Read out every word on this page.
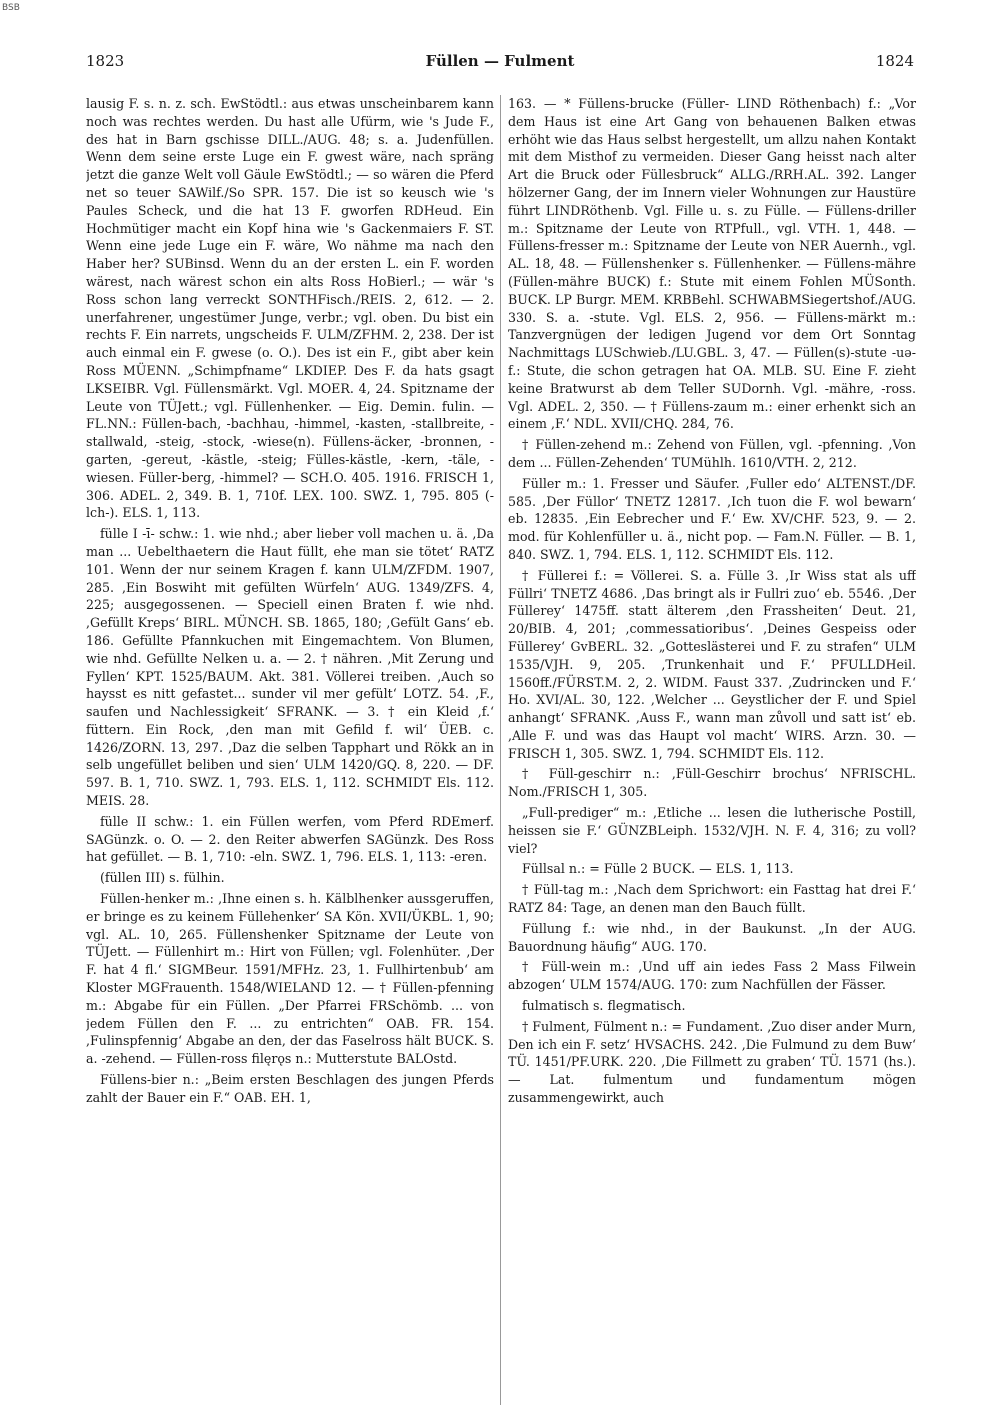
BSB
1823	Füllen — Fulment	1824

lausig F. s. n. z. sch. EwStödtl.: aus etwas unscheinbarem kann noch was rechtes werden. Du hast alle Ufürm, wie 's Jude F., des hat in Barn gschisse DILL./AUG. 48; s. a. Judenfüllen. Wenn dem seine erste Luge ein F. gwest wäre, nach spräng jetzt die ganze Welt voll Gäule EwStödtl.; — so wären die Pferd net so teuer SAWilf./So SPR. 157. Die ist so keusch wie 's Paules Scheck, und die hat 13 F. gworfen RDHeud. Ein Hochmütiger macht ein Kopf hina wie 's Gackenmaiers F. ST. Wenn eine jede Luge ein F. wäre, Wo nähme ma nach den Haber her? SUBinsd. Wenn du an der ersten L. ein F. worden wärest, nach wärest schon ein alts Ross HoBierl.; — wär 's Ross schon lang verreckt SONTHFisch./REIS. 2, 612. — 2. unerfahrener, ungestümer Junge, verbr.; vgl. oben. Du bist ein rechts F. Ein narrets, ungscheids F. ULM/ZFHM. 2, 238. Der ist auch einmal ein F. gwese (o. O.). Des ist ein F., gibt aber kein Ross MÜENN. „Schimpfname“ LKDIEP. Des F. da hats gsagt LKSEIBR. Vgl. Füllensmärkt. Vgl. MOER. 4, 24. Spitzname der Leute von TÜJett.; vgl. Füllenhenker. — Eig. Demin. fulin. — FL.NN.: Füllen-bach, -bachhau, -himmel, -kasten, -stallbreite, -stallwald, -steig, -stock, -wiese(n). Füllens-äcker, -bronnen, -garten, -gereut, -kästle, -steig; Fülles-kästle, -kern, -täle, -wiesen. Füller-berg, -himmel? — SCH.O. 405. 1916. FRISCH 1, 306. ADEL. 2, 349. B. 1, 710f. LEX. 100. SWZ. 1, 795. 805 (-lch-). ELS. 1, 113.

fülle I -ī- schw.: 1. wie nhd.; aber lieber voll machen u. ä. ,Da man ... Uebelthaetern die Haut füllt, ehe man sie tötet‘ RATZ 101. Wenn der nur seinem Kragen f. kann ULM/ZFDM. 1907, 285. ,Ein Boswiht mit gefülten Würfeln‘ AUG. 1349/ZFS. 4, 225; ausgegossenen. — Speciell einen Braten f. wie nhd. ,Gefüllt Kreps‘ BIRL. MÜNCH. SB. 1865, 180; ,Gefült Gans‘ eb. 186. Gefüllte Pfannkuchen mit Eingemachtem. Von Blumen, wie nhd. Gefüllte Nelken u. a. — 2. † nähren. ,Mit Zerung und Fyllen‘ KPT. 1525/BAUM. Akt. 381. Völlerei treiben. ,Auch so haysst es nitt gefastet... sunder vil mer gefült‘ LOTZ. 54. ,F., saufen und Nachlessigkeit‘ SFRANK. — 3. † ein Kleid ,f.‘ füttern. Ein Rock, ,den man mit Gefild f. wil‘ ÜEB. c. 1426/ZORN. 13, 297. ,Daz die selben Tapphart und Rökk an in selb ungefüllet beliben und sien‘ ULM 1420/GQ. 8, 220. — DF. 597. B. 1, 710. SWZ. 1, 793. ELS. 1, 112. SCHMIDT Els. 112. MEIS. 28.

fülle II schw.: 1. ein Füllen werfen, vom Pferd RDEmerf. SAGünzk. o. O. — 2. den Reiter abwerfen SAGünzk. Des Ross hat gefüllet. — B. 1, 710: -eln. SWZ. 1, 796. ELS. 1, 113: -eren.

(füllen III) s. fülhin.

Füllen-henker m.: ,Ihne einen s. h. Kälblhenker aussgeruffen, er bringe es zu keinem Füllehenker‘ SA Kön. XVII/ÜKBL. 1, 90; vgl. AL. 10, 265. Füllenshenker Spitzname der Leute von TÜJett. — Füllenhirt m.: Hirt von Füllen; vgl. Folenhüter. ,Der F. hat 4 fl.‘ SIGMBeur. 1591/MFHz. 23, 1. Fullhirtenbub‘ am Kloster MGFrauenth. 1548/WIELAND 12. — † Füllen-pfenning m.: Abgabe für ein Füllen. „Der Pfarrei FRSchömb. ... von jedem Füllen den F. ... zu entrichten“ OAB. FR. 154. ,Fulinspfennig‘ Abgabe an den, der das Faselross hält BUCK. S. a. -zehend. — Füllen-ross filęrǫs n.: Mutterstute BALOstd.

Füllens-bier n.: „Beim ersten Beschlagen des jungen Pferds zahlt der Bauer ein F.“ OAB. EH. 1,

163. — * Füllens-brucke (Füller- LIND Röthenbach) f.: „Vor dem Haus ist eine Art Gang von behauenen Balken etwas erhöht wie das Haus selbst hergestellt, um allzu nahen Kontakt mit dem Misthof zu vermeiden. Dieser Gang heisst nach alter Art die Bruck oder Füllesbruck“ ALLG./RRH.AL. 392. Langer hölzerner Gang, der im Innern vieler Wohnungen zur Haustüre führt LINDRöthenb. Vgl. Fille u. s. zu Fülle. — Füllens-driller m.: Spitzname der Leute von RTPfull., vgl. VTH. 1, 448. — Füllens-fresser m.: Spitzname der Leute von NER Auernh., vgl. AL. 18, 48. — Füllenshenker s. Füllenhenker. — Füllens-mähre (Füllen-mähre BUCK) f.: Stute mit einem Fohlen MÜSonth. BUCK. LP Burgr. MEM. KRBBehl. SCHWABMSiegertshof./AUG. 330. S. a. -stute. Vgl. ELS. 2, 956. — Füllens-märkt m.: Tanzvergnügen der ledigen Jugend vor dem Ort Sonntag Nachmittags LUSchwieb./LU.GBL. 3, 47. — Füllen(s)-stute -uə- f.: Stute, die schon getragen hat OA. MLB. SU. Eine F. zieht keine Bratwurst ab dem Teller SUDornh. Vgl. -mähre, -ross. Vgl. ADEL. 2, 350. — † Füllens-zaum m.: einer erhenkt sich an einem ,F.‘ NDL. XVII/CHQ. 284, 76.

† Füllen-zehend m.: Zehend von Füllen, vgl. -pfenning. ,Von dem ... Füllen-Zehenden‘ TUMühlh. 1610/VTH. 2, 212.

Füller m.: 1. Fresser und Säufer. ,Fuller edo‘ ALTENST./DF. 585. ,Der Füllor‘ TNETZ 12817. ,Ich tuon die F. wol bewarn‘ eb. 12835. ,Ein Eebrecher und F.‘ Ew. XV/CHF. 523, 9. — 2. mod. für Kohlenfüller u. ä., nicht pop. — Fam.N. Füller. — B. 1, 840. SWZ. 1, 794. ELS. 1, 112. SCHMIDT Els. 112.

† Füllerei f.: = Völlerei. S. a. Fülle 3. ,Ir Wiss stat als uff Füllri‘ TNETZ 4686. ,Das bringt als ir Fullri zuo‘ eb. 5546. ,Der Füllerey‘ 1475ff. statt älterem ,den Frassheiten‘ Deut. 21, 20/BIB. 4, 201; ,commessatioribus‘. ,Deines Gespeiss oder Füllerey‘ GvBERL. 32. „Gotteslästerei und F. zu strafen“ ULM 1535/VJH. 9, 205. ,Trunkenhait und F.‘ PFULLDHeil. 1560ff./FÜRST.M. 2, 2. WIDM. Faust 337. ,Zudrincken und F.‘ Ho. XVI/AL. 30, 122. ,Welcher ... Geystlicher der F. und Spiel anhangt‘ SFRANK. ,Auss F., wann man zůvoll und satt ist‘ eb. ,Alle F. und was das Haupt vol macht‘ WIRS. Arzn. 30. — FRISCH 1, 305. SWZ. 1, 794. SCHMIDT Els. 112.

† Füll-geschirr n.: ,Füll-Geschirr brochus‘ NFRISCHL. Nom./FRISCH 1, 305.

„Full-prediger“ m.: ,Etliche ... lesen die lutherische Postill, heissen sie F.‘ GÜNZBLeiph. 1532/VJH. N. F. 4, 316; zu voll? viel?

Füllsal n.: = Fülle 2 BUCK. — ELS. 1, 113.

† Füll-tag m.: ,Nach dem Sprichwort: ein Fasttag hat drei F.‘ RATZ 84: Tage, an denen man den Bauch füllt.

Füllung f.: wie nhd., in der Baukunst. „In der AUG. Bauordnung häufig“ AUG. 170.

† Füll-wein m.: ,Und uff ain iedes Fass 2 Mass Filwein abzogen‘ ULM 1574/AUG. 170: zum Nachfüllen der Fässer.

fulmatisch s. flegmatisch.

† Fulment, Fülment n.: = Fundament. ,Zuo diser ander Murn, Den ich ein F. setz‘ HVSACHS. 242. ,Die Fulmund zu dem Buw‘ TÜ. 1451/PF.URK. 220. ,Die Fillmett zu graben‘ TÜ. 1571 (hs.). — Lat. fulmentum und fundamentum mögen zusammengewirkt, auch
